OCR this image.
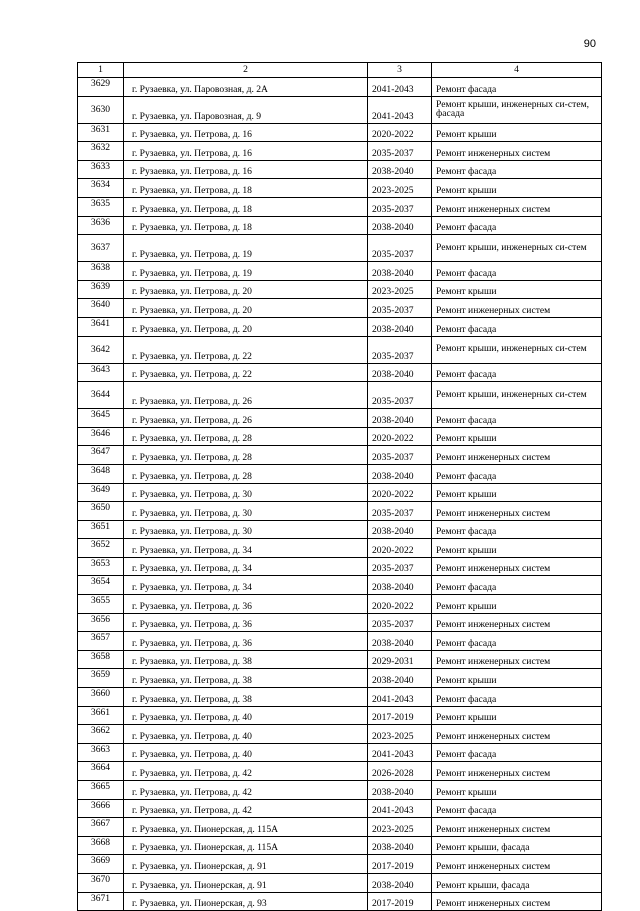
90
1	2	3	4
3629	г. Рузаевка, ул. Паровозная, д. 2А	2041-2043	Ремонт фасада
3630	г. Рузаевка, ул. Паровозная, д. 9	2041-2043	Ремонт крыши, инженерных си-стем, фасада
3631	г. Рузаевка, ул. Петрова, д. 16	2020-2022	Ремонт крыши
3632	г. Рузаевка, ул. Петрова, д. 16	2035-2037	Ремонт инженерных систем
3633	г. Рузаевка, ул. Петрова, д. 16	2038-2040	Ремонт фасада
3634	г. Рузаевка, ул. Петрова, д. 18	2023-2025	Ремонт крыши
3635	г. Рузаевка, ул. Петрова, д. 18	2035-2037	Ремонт инженерных систем
3636	г. Рузаевка, ул. Петрова, д. 18	2038-2040	Ремонт фасада
3637	г. Рузаевка, ул. Петрова, д. 19	2035-2037	Ремонт крыши, инженерных си-стем
3638	г. Рузаевка, ул. Петрова, д. 19	2038-2040	Ремонт фасада
3639	г. Рузаевка, ул. Петрова, д. 20	2023-2025	Ремонт крыши
3640	г. Рузаевка, ул. Петрова, д. 20	2035-2037	Ремонт инженерных систем
3641	г. Рузаевка, ул. Петрова, д. 20	2038-2040	Ремонт фасада
3642	г. Рузаевка, ул. Петрова, д. 22	2035-2037	Ремонт крыши, инженерных си-стем
3643	г. Рузаевка, ул. Петрова, д. 22	2038-2040	Ремонт фасада
3644	г. Рузаевка, ул. Петрова, д. 26	2035-2037	Ремонт крыши, инженерных си-стем
3645	г. Рузаевка, ул. Петрова, д. 26	2038-2040	Ремонт фасада
3646	г. Рузаевка, ул. Петрова, д. 28	2020-2022	Ремонт крыши
3647	г. Рузаевка, ул. Петрова, д. 28	2035-2037	Ремонт инженерных систем
3648	г. Рузаевка, ул. Петрова, д. 28	2038-2040	Ремонт фасада
3649	г. Рузаевка, ул. Петрова, д. 30	2020-2022	Ремонт крыши
3650	г. Рузаевка, ул. Петрова, д. 30	2035-2037	Ремонт инженерных систем
3651	г. Рузаевка, ул. Петрова, д. 30	2038-2040	Ремонт фасада
3652	г. Рузаевка, ул. Петрова, д. 34	2020-2022	Ремонт крыши
3653	г. Рузаевка, ул. Петрова, д. 34	2035-2037	Ремонт инженерных систем
3654	г. Рузаевка, ул. Петрова, д. 34	2038-2040	Ремонт фасада
3655	г. Рузаевка, ул. Петрова, д. 36	2020-2022	Ремонт крыши
3656	г. Рузаевка, ул. Петрова, д. 36	2035-2037	Ремонт инженерных систем
3657	г. Рузаевка, ул. Петрова, д. 36	2038-2040	Ремонт фасада
3658	г. Рузаевка, ул. Петрова, д. 38	2029-2031	Ремонт инженерных систем
3659	г. Рузаевка, ул. Петрова, д. 38	2038-2040	Ремонт крыши
3660	г. Рузаевка, ул. Петрова, д. 38	2041-2043	Ремонт фасада
3661	г. Рузаевка, ул. Петрова, д. 40	2017-2019	Ремонт крыши
3662	г. Рузаевка, ул. Петрова, д. 40	2023-2025	Ремонт инженерных систем
3663	г. Рузаевка, ул. Петрова, д. 40	2041-2043	Ремонт фасада
3664	г. Рузаевка, ул. Петрова, д. 42	2026-2028	Ремонт инженерных систем
3665	г. Рузаевка, ул. Петрова, д. 42	2038-2040	Ремонт крыши
3666	г. Рузаевка, ул. Петрова, д. 42	2041-2043	Ремонт фасада
3667	г. Рузаевка, ул. Пионерская, д. 115А	2023-2025	Ремонт инженерных систем
3668	г. Рузаевка, ул. Пионерская, д. 115А	2038-2040	Ремонт крыши, фасада
3669	г. Рузаевка, ул. Пионерская, д. 91	2017-2019	Ремонт инженерных систем
3670	г. Рузаевка, ул. Пионерская, д. 91	2038-2040	Ремонт крыши, фасада
3671	г. Рузаевка, ул. Пионерская, д. 93	2017-2019	Ремонт инженерных систем
